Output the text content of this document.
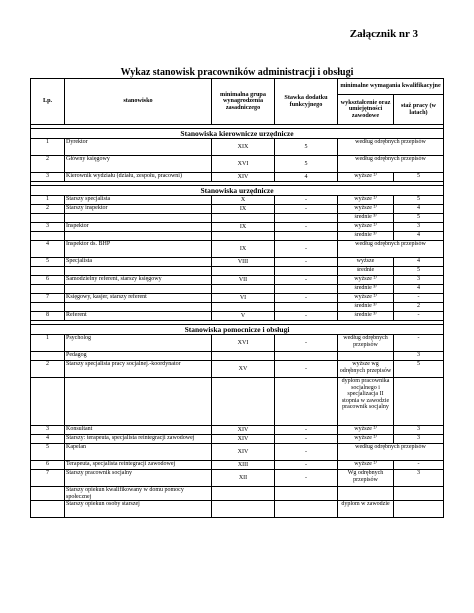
Załącznik nr 3
Wykaz stanowisk pracowników administracji i obsługi
Lp.	stanowisko	minimalna grupa wynagrodzenia zasadniczego	Stawka dodatku funkcyjnego	minimalne wymagania kwalifikacyjne	
				wykształcenie oraz umiejętności zawodowe	staż pracy (w latach)

Stanowiska kierownicze urzędnicze					
1	Dyrektor	XIX	5	według odrębnych przepisów	
2	Główny księgowy	XVI	5	według odrębnych przepisów	
3	Kierownik wydziału (działu, zespołu, pracowni)	XIV	4	wyższe ²⁾	5

Stanowiska urzędnicze					
1	Starszy specjalista	X	-	wyższe ²⁾	5
2	Starszy inspektor	IX	-	wyższe ²⁾	4
				średnie ³⁾	5
3	Inspektor	IX	-	wyższe ²⁾	3
				średnie ³⁾	4
4	Inspektor ds. BHP	IX	-	według odrębnych przepisów	
5	Specjalista	VIII	-	wyższe	4
				średnie	5
6	Samodzielny referent, starszy księgowy	VII	-	wyższe ²⁾	3
				średnie ³⁾	4
7	Księgowy, kasjer, starszy referent	VI	-	wyższe ²⁾	-
				średnie ³⁾	2
8	Referent	V	-	średnie ³⁾	-

Stanowiska pomocnicze i obsługi					
1	Psycholog	XVI	-	według odrębnych przepisów	-
	Pedagog				3
2	Starszy specjalista pracy socjalnej.-koordynator	XV	-	wyższe wg odrębnych przepisów	5
				dyplom pracownika socjalnego i specjalizacja II stopnia w zawodzie pracownik socjalny	
3	Konsultant	XIV	-	wyższe ²⁾	3
4	Starszy: terapeuta, specjalista reintegracji zawodowej	XIV	-	wyższe ²⁾	3
5	Kapelan	XIV	-	według odrębnych przepisów	
6	Terapeuta, specjalista reintegracji zawodowej	XIII	-	wyższe ²⁾	-
7	Starszy pracownik socjalny	XII	-	Wg odrębnych przepisów	3
	Starszy opiekun kwalifikowany w domu pomocy społecznej				
	Starszy opiekun osoby starszej			dyplom w zawodzie	
